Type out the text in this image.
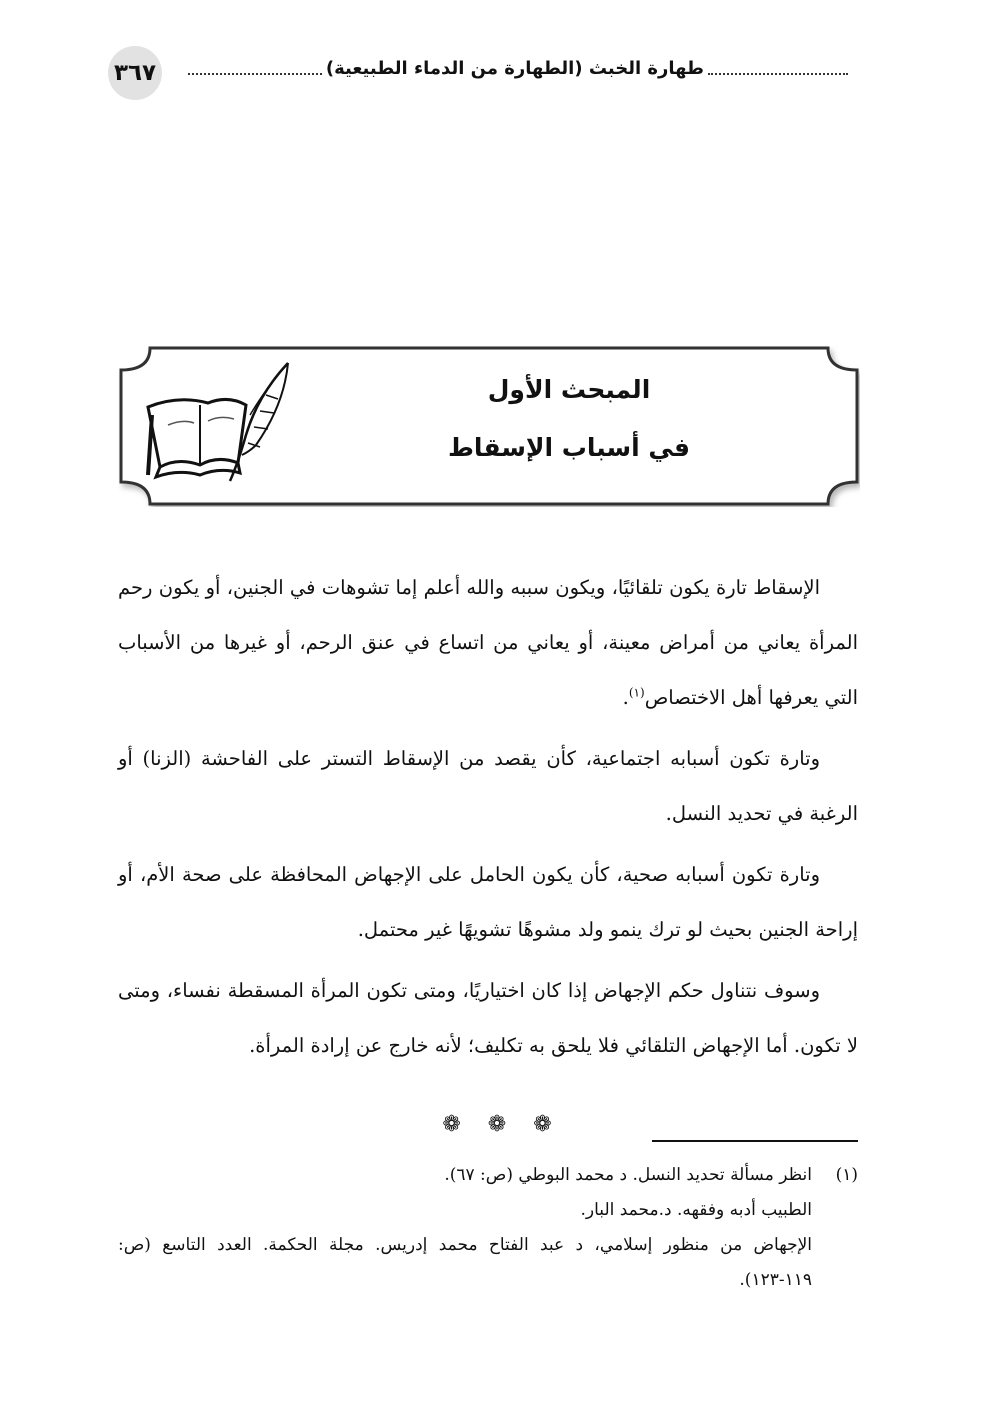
٣٦٧	طهارة الخبث (الطهارة من الدماء الطبيعية)
المبحث الأول
في أسباب الإسقاط

الإسقاط تارة يكون تلقائيًا، ويكون سببه والله أعلم إما تشوهات في الجنين، أو يكون رحم المرأة يعاني من أمراض معينة، أو يعاني من اتساع في عنق الرحم، أو غيرها من الأسباب التي يعرفها أهل الاختصاص$^{(١)}$.

وتارة تكون أسبابه اجتماعية، كأن يقصد من الإسقاط التستر على الفاحشة (الزنا) أو الرغبة في تحديد النسل.

وتارة تكون أسبابه صحية، كأن يكون الحامل على الإجهاض المحافظة على صحة الأم، أو إراحة الجنين بحيث لو ترك ينمو ولد مشوهًا تشويهًا غير محتمل.

وسوف نتناول حكم الإجهاض إذا كان اختياريًا، ومتى تكون المرأة المسقطة نفساء، ومتى لا تكون. أما الإجهاض التلقائي فلا يلحق به تكليف؛ لأنه خارج عن إرادة المرأة.

❁ ❁ ❁

(١)انظر مسألة تحديد النسل. د محمد البوطي (ص: ٦٧).

الطبيب أدبه وفقهه. د.محمد البار.

الإجهاض من منظور إسلامي، د عبد الفتاح محمد إدريس. مجلة الحكمة. العدد التاسع (ص: ١١٩-١٢٣).
